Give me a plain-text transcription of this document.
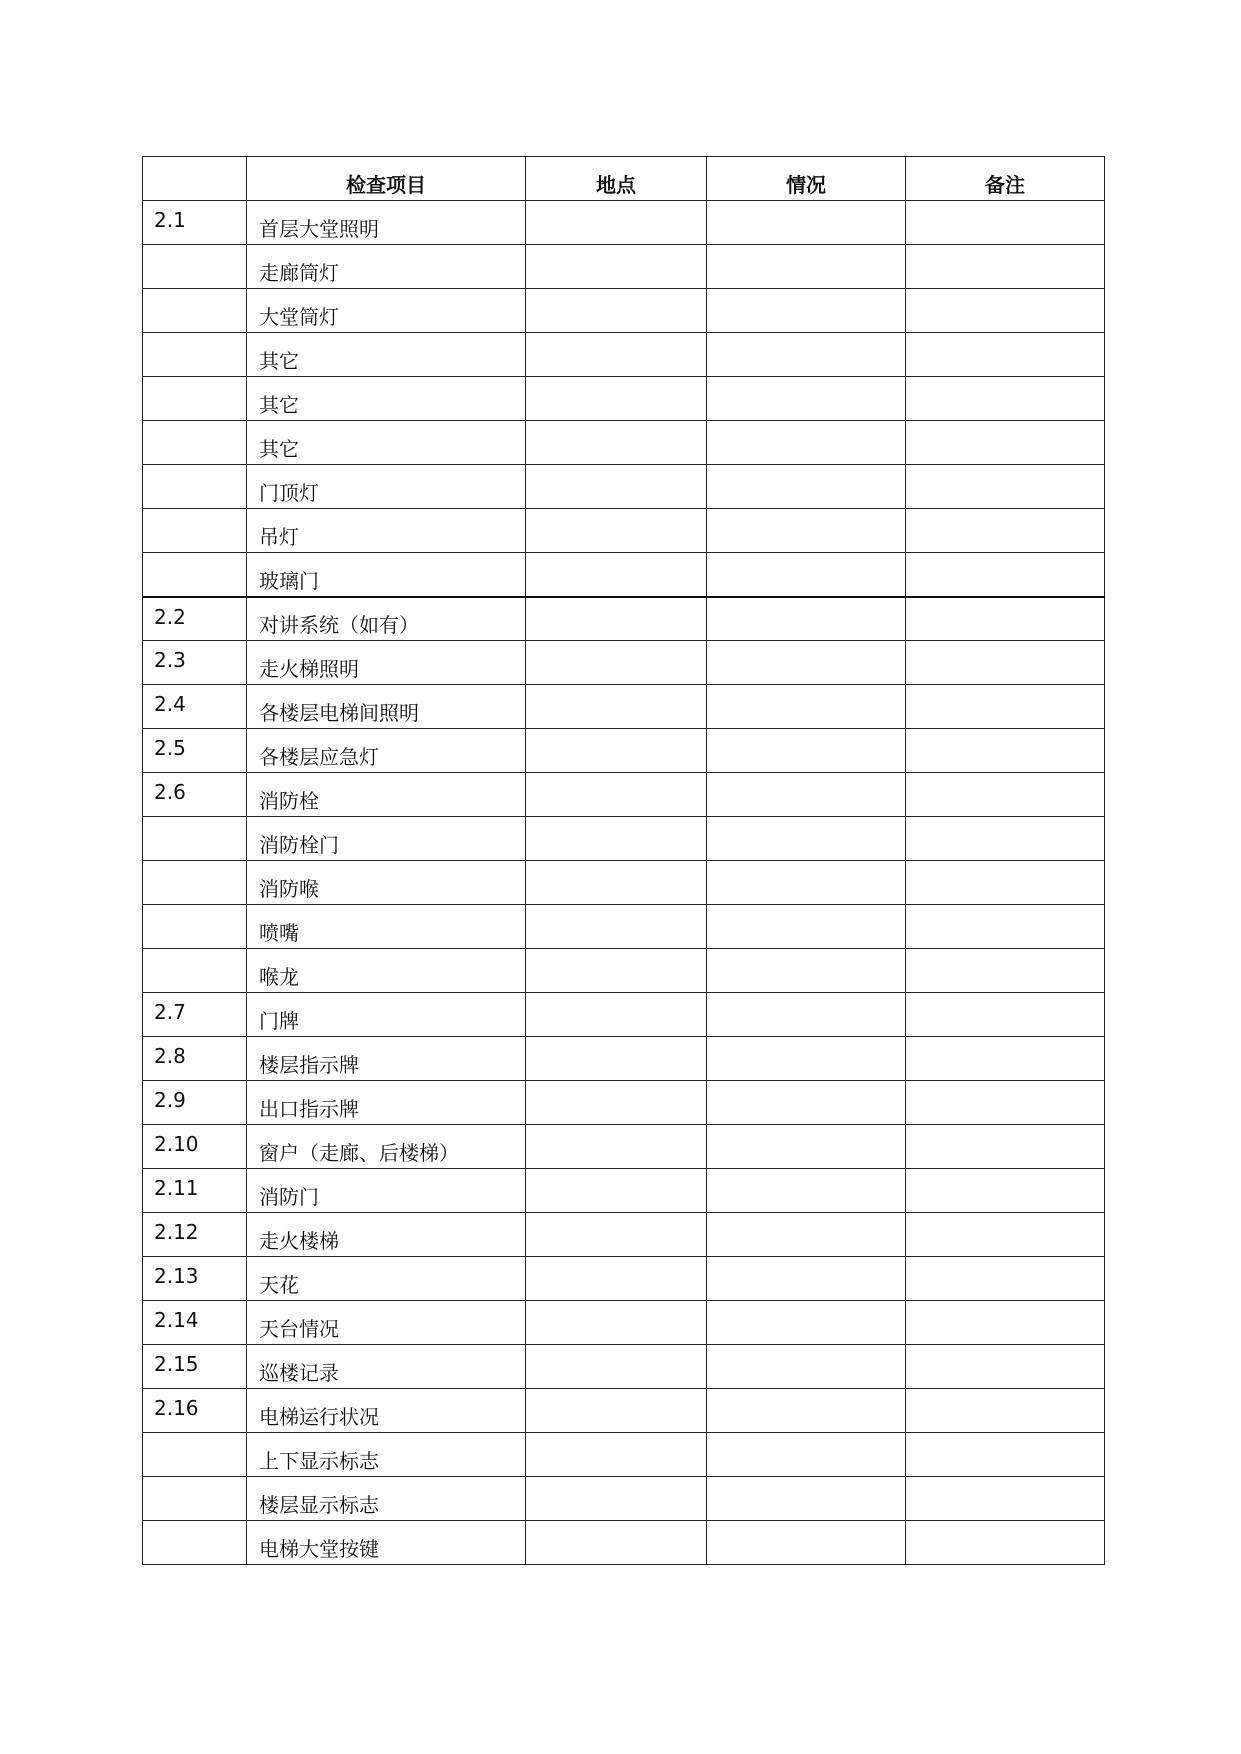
	检查项目	地点	情况	备注
2.1	首层大堂照明			
	走廊筒灯			
	大堂筒灯			
	其它			
	其它			
	其它			
	门顶灯			
	吊灯			
	玻璃门			
2.2	对讲系统（如有）			
2.3	走火梯照明			
2.4	各楼层电梯间照明			
2.5	各楼层应急灯			
2.6	消防栓			
	消防栓门			
	消防喉			
	喷嘴			
	喉龙			
2.7	门牌			
2.8	楼层指示牌			
2.9	出口指示牌			
2.10	窗户（走廊、后楼梯）			
2.11	消防门			
2.12	走火楼梯			
2.13	天花			
2.14	天台情况			
2.15	巡楼记录			
2.16	电梯运行状况			
	上下显示标志			
	楼层显示标志			
	电梯大堂按键			
